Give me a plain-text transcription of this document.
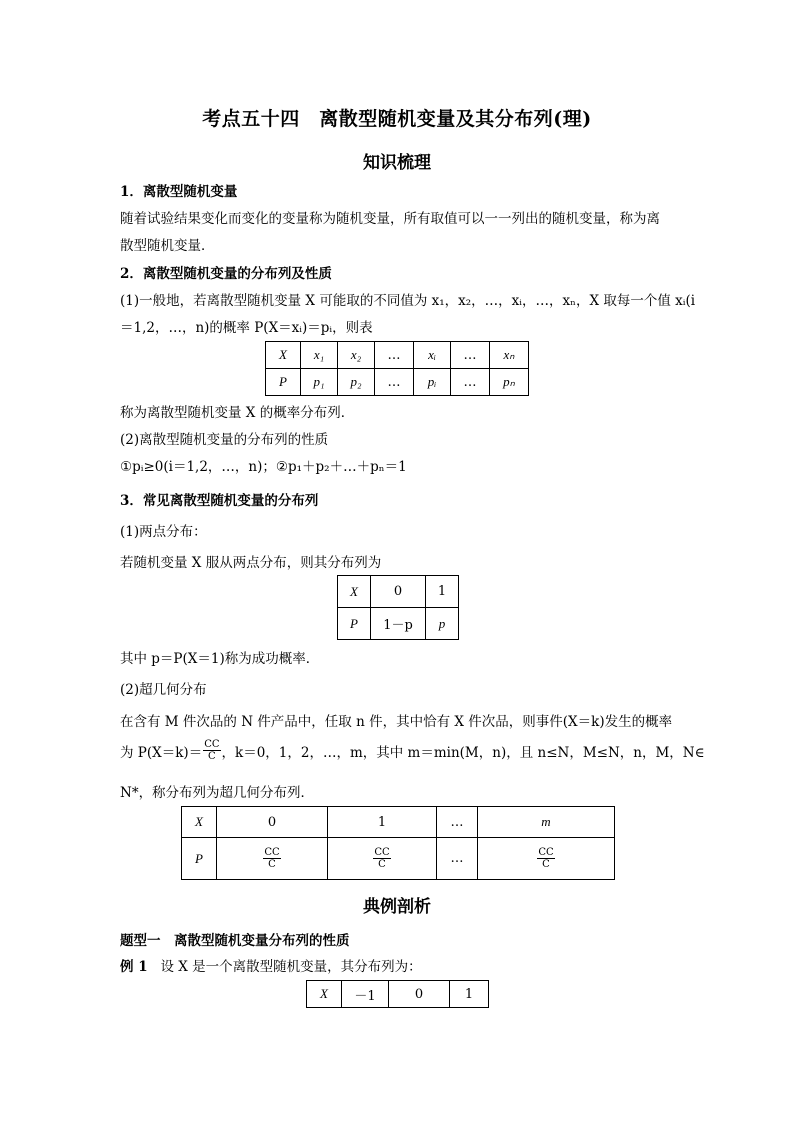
考点五十四　离散型随机变量及其分布列(理)
知识梳理
1．离散型随机变量
随着试验结果变化而变化的变量称为随机变量，所有取值可以一一列出的随机变量，称为离
散型随机变量．
2．离散型随机变量的分布列及性质
(1)一般地，若离散型随机变量 X 可能取的不同值为 x₁，x₂，…，xᵢ，…，xₙ，X 取每一个值 xᵢ(i
＝1,2，…，n)的概率 P(X＝xᵢ)＝pᵢ，则表
X	x₁	x₂	…	xᵢ	…	xₙ
P	p₁	p₂	…	pᵢ	…	pₙ
称为离散型随机变量 X 的概率分布列．
(2)离散型随机变量的分布列的性质
①pᵢ≥0(i＝1,2，…，n)；②p₁＋p₂＋…＋pₙ＝1
3．常见离散型随机变量的分布列
(1)两点分布：
若随机变量 X 服从两点分布，则其分布列为
X	0	1
P	1－p	p
其中 p＝P(X＝1)称为成功概率．
(2)超几何分布
在含有 M 件次品的 N 件产品中，任取 n 件，其中恰有 X 件次品，则事件(X＝k)发生的概率
为 $P(X=k)= \frac{CC}{C}$ ，k＝0，1，2，…，m，其中 m＝min(M，n)，且 n≤N，M≤N，n，M，N∈
N*，称分布列为超几何分布列．
X	0	1	…	m
P	$\frac{CC}{C}$	$\frac{CC}{C}$	…	$\frac{CC}{C}$
典例剖析
题型一　离散型随机变量分布列的性质
例 1 设 X 是一个离散型随机变量，其分布列为：
X	－1	0	1
